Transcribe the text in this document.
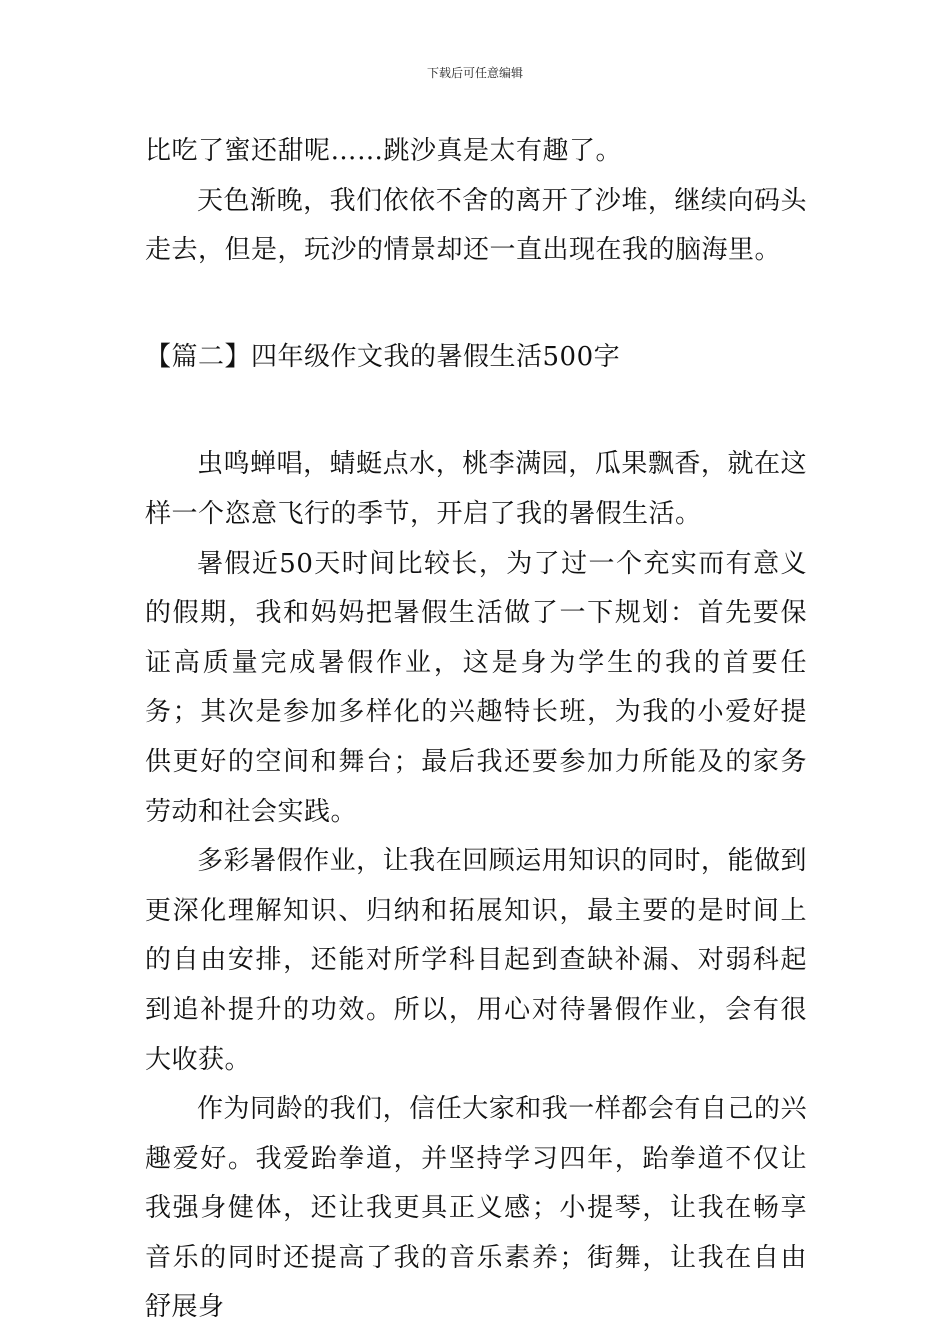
下载后可任意编辑

比吃了蜜还甜呢……跳沙真是太有趣了。

天色渐晚，我们依依不舍的离开了沙堆，继续向码头走去，但是，玩沙的情景却还一直出现在我的脑海里。

【篇二】四年级作文我的暑假生活500字

虫鸣蝉唱，蜻蜓点水，桃李满园，瓜果飘香，就在这样一个恣意飞行的季节，开启了我的暑假生活。

暑假近50天时间比较长，为了过一个充实而有意义的假期，我和妈妈把暑假生活做了一下规划：首先要保证高质量完成暑假作业，这是身为学生的我的首要任务；其次是参加多样化的兴趣特长班，为我的小爱好提供更好的空间和舞台；最后我还要参加力所能及的家务劳动和社会实践。

多彩暑假作业，让我在回顾运用知识的同时，能做到更深化理解知识、归纳和拓展知识，最主要的是时间上的自由安排，还能对所学科目起到查缺补漏、对弱科起到追补提升的功效。所以，用心对待暑假作业，会有很大收获。

作为同龄的我们，信任大家和我一样都会有自己的兴趣爱好。我爱跆拳道，并坚持学习四年，跆拳道不仅让我强身健体，还让我更具正义感；小提琴，让我在畅享音乐的同时还提高了我的音乐素养；街舞，让我在自由舒展身
